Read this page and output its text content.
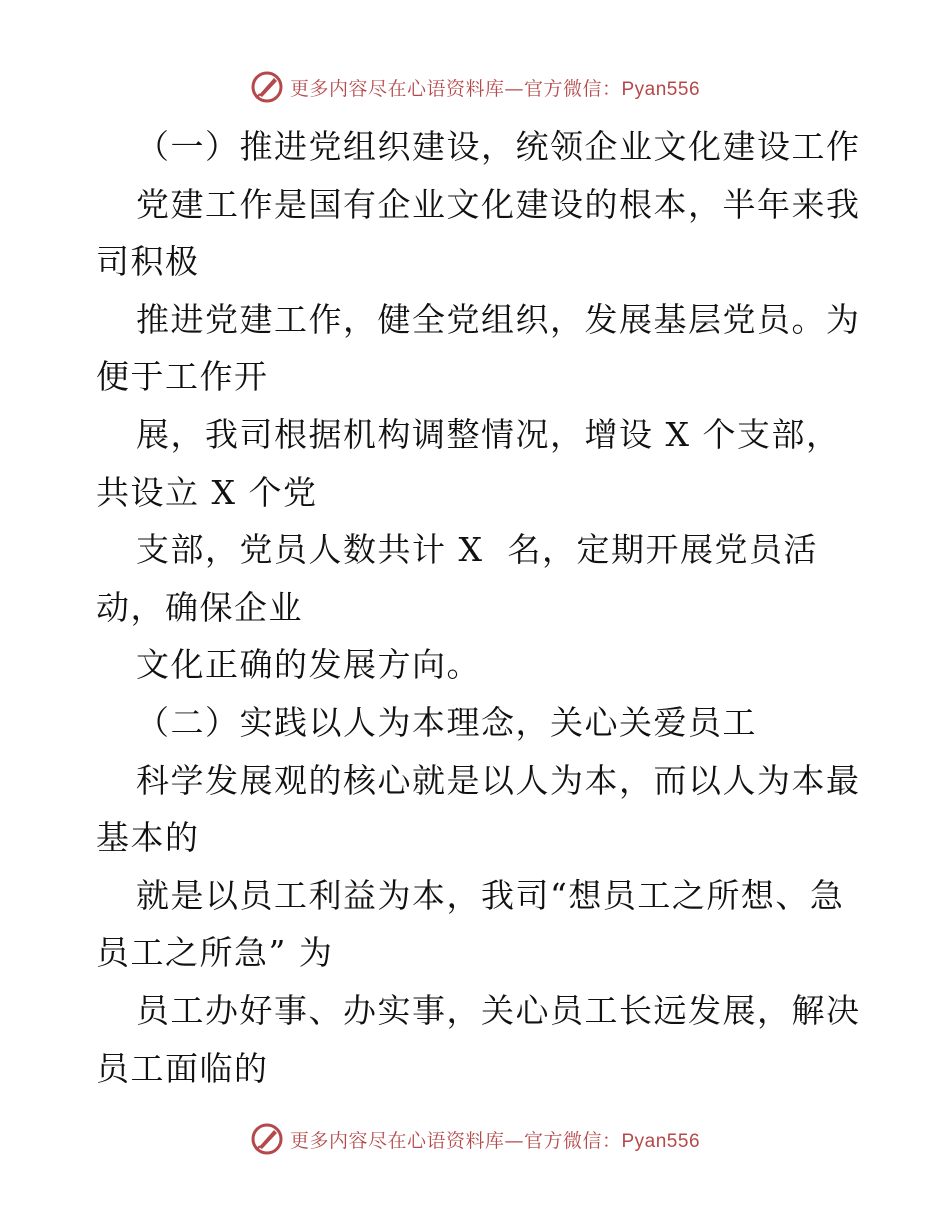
更多内容尽在心语资料库—官方微信：Pyan556
（一）推进党组织建设，统领企业文化建设工作
党建工作是国有企业文化建设的根本，半年来我
司积极
推进党建工作，健全党组织，发展基层党员。为
便于工作开
展，我司根据机构调整情况，增设 X 个支部，
共设立 X 个党
支部，党员人数共计 X  名，定期开展党员活
动，确保企业
文化正确的发展方向。
（二）实践以人为本理念，关心关爱员工
科学发展观的核心就是以人为本，而以人为本最
基本的
就是以员工利益为本，我司“想员工之所想、急
员工之所急” 为
员工办好事、办实事，关心员工长远发展，解决
员工面临的
更多内容尽在心语资料库—官方微信：Pyan556
